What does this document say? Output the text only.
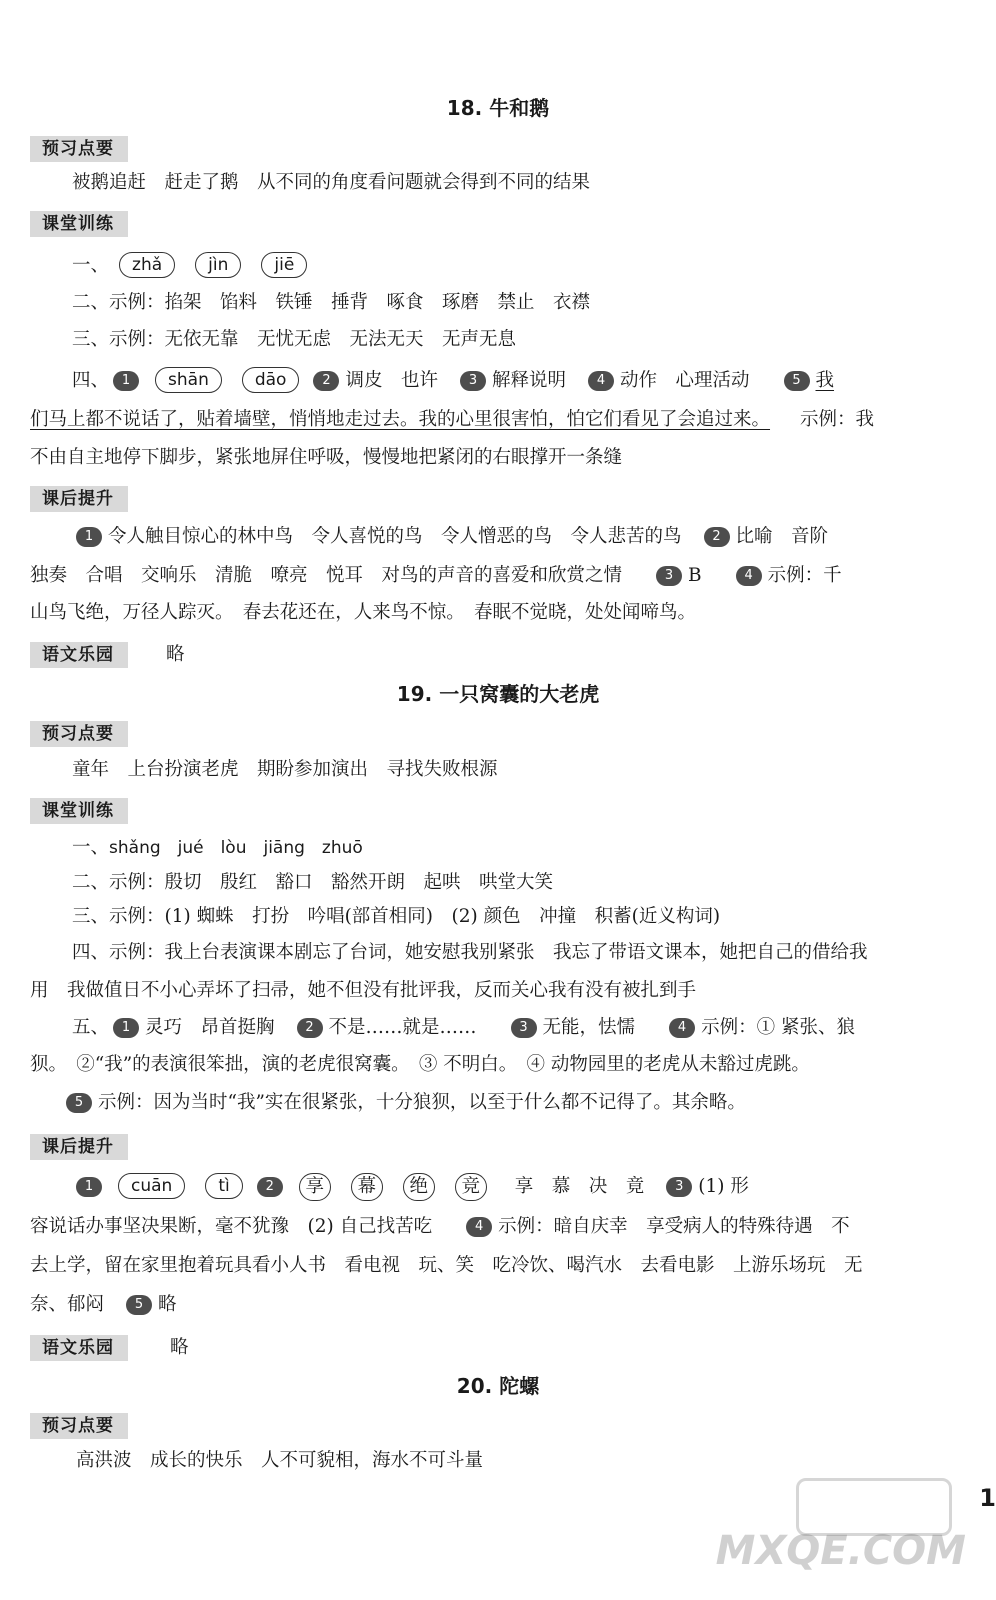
18. 牛和鹅
预习点要
被鹅追赶　赶走了鹅　从不同的角度看问题就会得到不同的结果
课堂训练
一、 zhǎ	jìn	jiē
二、示例：掐架　馅料　铁锤　捶背　啄食　琢磨　禁止　衣襟
三、示例：无依无靠　无忧无虑　无法无天　无声无息
四、 1 shān	dāo	2 调皮　也许 3 解释说明 4 动作　心理活动	5 我
们马上都不说话了，贴着墙壁，悄悄地走过去。我的心里很害怕，怕它们看见了会追过来。 示例：我
不由自主地停下脚步，紧张地屏住呼吸，慢慢地把紧闭的右眼撑开一条缝
课后提升
1 令人触目惊心的林中鸟　令人喜悦的鸟　令人憎恶的鸟　令人悲苦的鸟 2 比喻　音阶
独奏　合唱　交响乐　清脆　嘹亮　悦耳　对鸟的声音的喜爱和欣赏之情	3 B	4 示例：千
山鸟飞绝，万径人踪灭。　春去花还在，人来鸟不惊。　春眠不觉晓，处处闻啼鸟。
语文乐园	略
19. 一只窝囊的大老虎
预习点要
童年　上台扮演老虎　期盼参加演出　寻找失败根源
课堂训练
一、shǎng　jué　lòu　jiāng　zhuō
二、示例：殷切　殷红　豁口　豁然开朗　起哄　哄堂大笑
三、示例：(1) 蜘蛛　打扮　吟唱(部首相同)　(2) 颜色　冲撞　积蓄(近义构词)
四、示例：我上台表演课本剧忘了台词，她安慰我别紧张　我忘了带语文课本，她把自己的借给我
用　我做值日不小心弄坏了扫帚，她不但没有批评我，反而关心我有没有被扎到手
五、 1 灵巧　昂首挺胸 2 不是……就是……	3 无能，怯懦	4 示例：① 紧张、狼
狈。　②“我”的表演很笨拙，演的老虎很窝囊。　③ 不明白。　④ 动物园里的老虎从未豁过虎跳。
5 示例：因为当时“我”实在很紧张，十分狼狈，以至于什么都不记得了。其余略。
课后提升
1 cuān	tì	2 享 幕 绝 竞 享　慕　决　竟 3 (1) 形
容说话办事坚决果断，毫不犹豫　(2) 自己找苦吃	4 示例：暗自庆幸　享受病人的特殊待遇　不
去上学，留在家里抱着玩具看小人书　看电视　玩、笑　吃冷饮、喝汽水　去看电影　上游乐场玩　无
奈、郁闷 5 略
语文乐园	略
20. 陀螺
预习点要
高洪波　成长的快乐　人不可貌相，海水不可斗量
1
MXQE.COM
